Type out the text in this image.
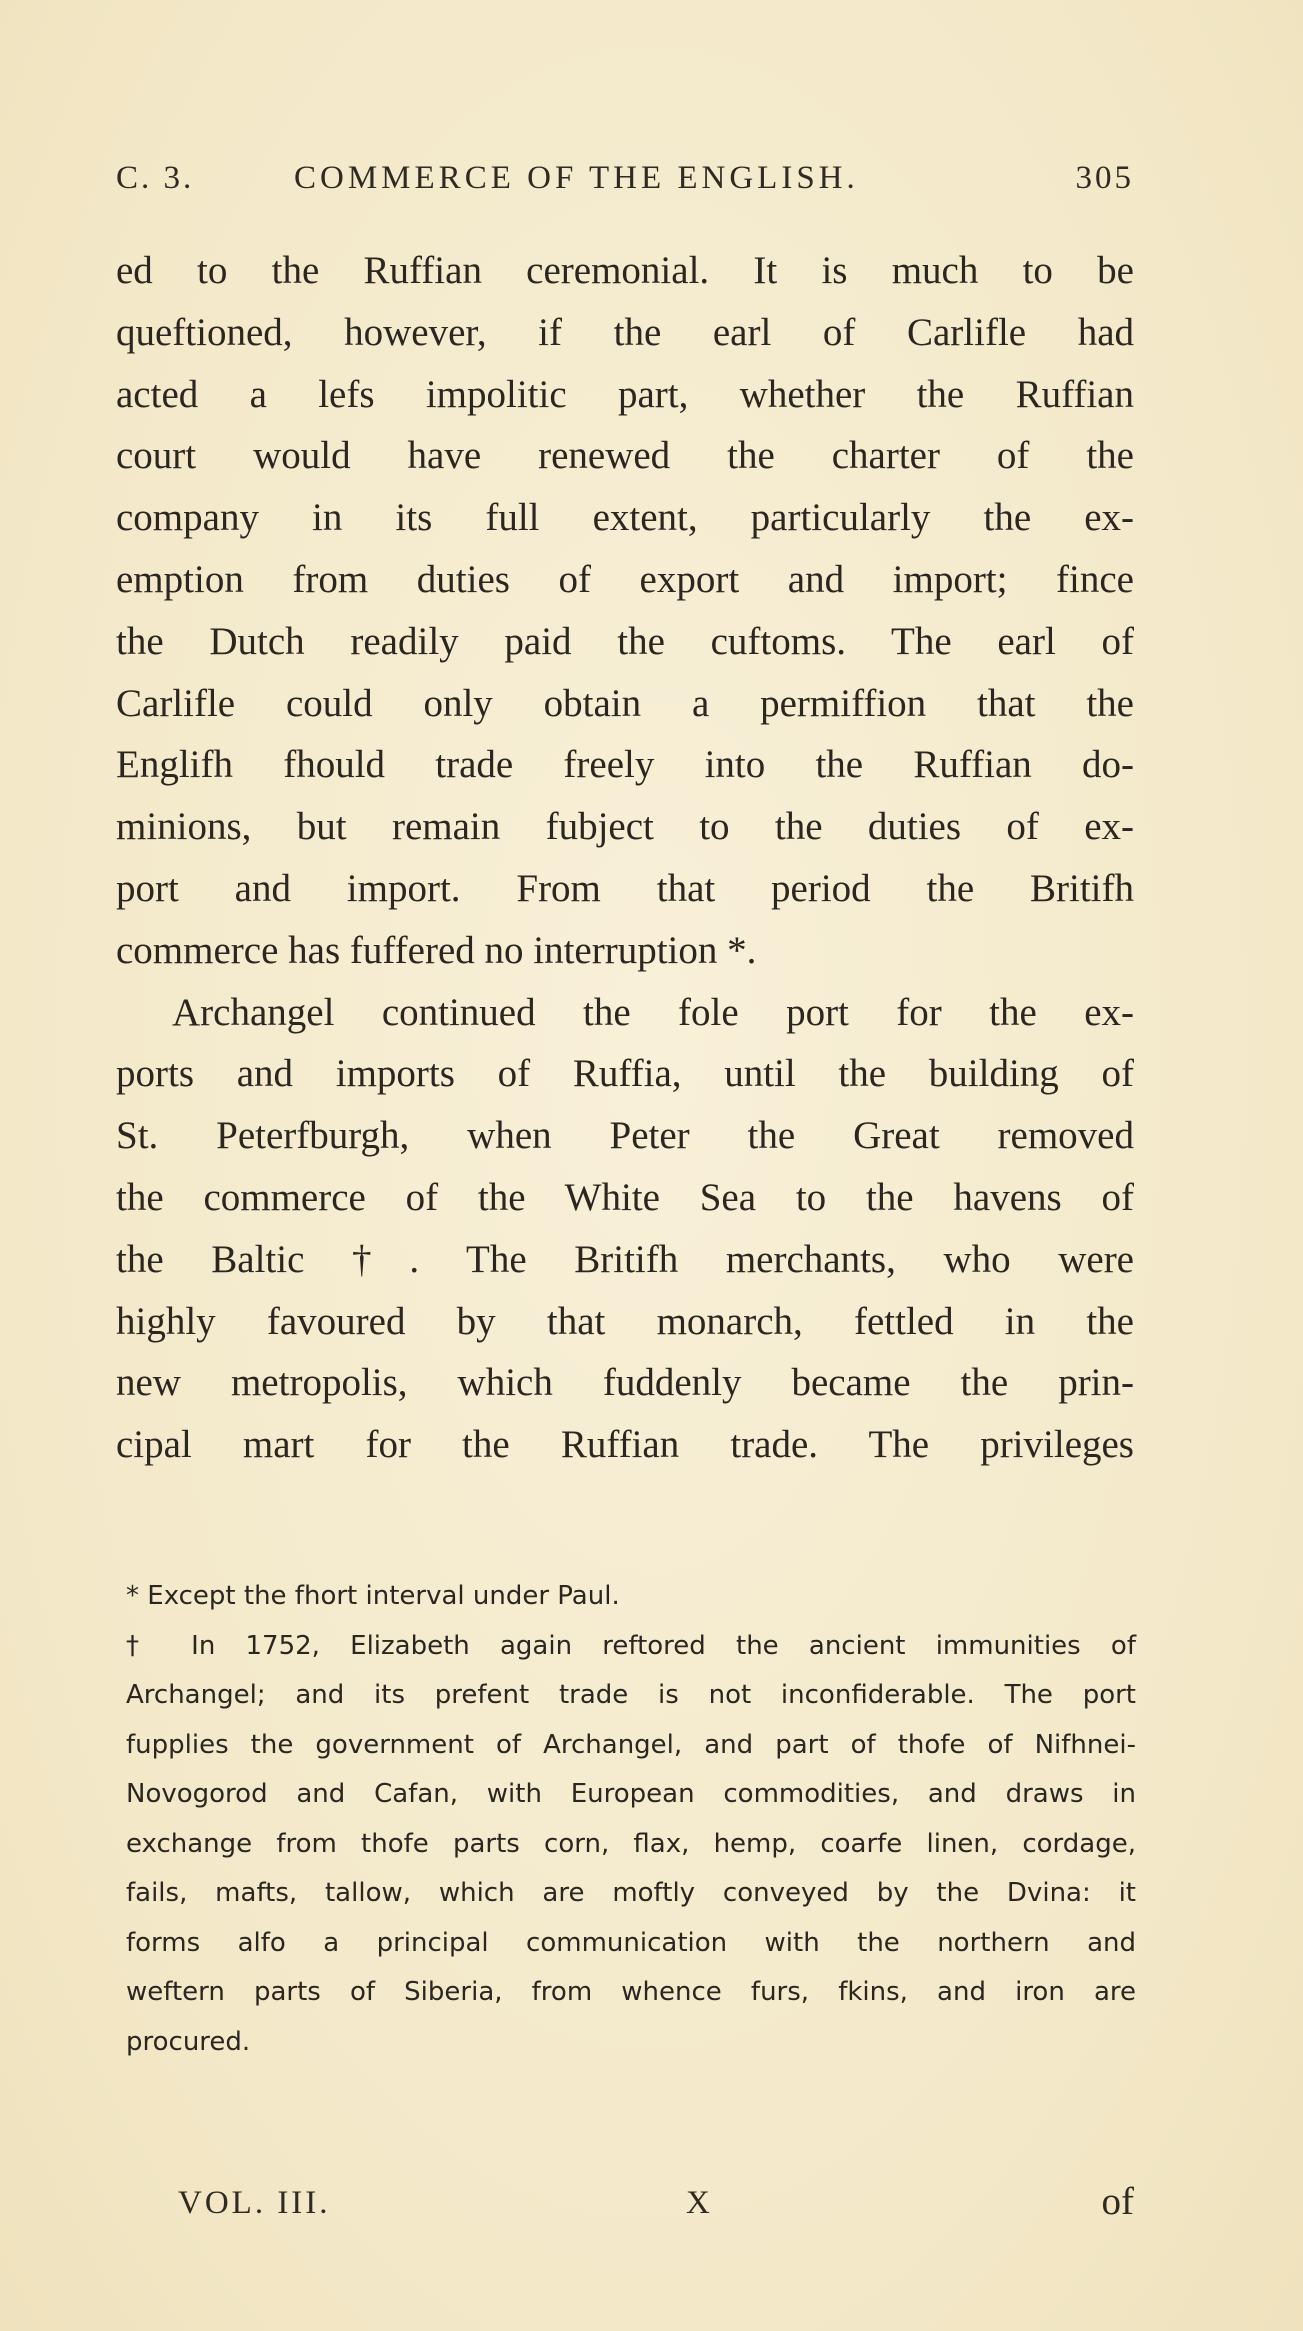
C. 3.	COMMERCE OF THE ENGLISH.	305
ed to the Ruffian ceremonial. It is much to be
queftioned, however, if the earl of Carlifle had
acted a lefs impolitic part, whether the Ruffian
court would have renewed the charter of the
company in its full extent, particularly the ex-
emption from duties of export and import; fince
the Dutch readily paid the cuftoms. The earl of
Carlifle could only obtain a permiffion that the
Englifh fhould trade freely into the Ruffian do-
minions, but remain fubject to the duties of ex-
port and import. From that period the Britifh
commerce has fuffered no interruption *.
Archangel continued the fole port for the ex-
ports and imports of Ruffia, until the building of
St. Peterfburgh, when Peter the Great removed
the commerce of the White Sea to the havens of
the Baltic †. The Britifh merchants, who were
highly favoured by that monarch, fettled in the
new metropolis, which fuddenly became the prin-
cipal mart for the Ruffian trade. The privileges
* Except the fhort interval under Paul.
† In 1752, Elizabeth again reftored the ancient immunities of
Archangel; and its prefent trade is not inconfiderable. The port
fupplies the government of Archangel, and part of thofe of Nifhnei-
Novogorod and Cafan, with European commodities, and draws in
exchange from thofe parts corn, flax, hemp, coarfe linen, cordage,
fails, mafts, tallow, which are moftly conveyed by the Dvina: it
forms alfo a principal communication with the northern and
weftern parts of Siberia, from whence furs, fkins, and iron are
procured.
VOL. III.	X	of
